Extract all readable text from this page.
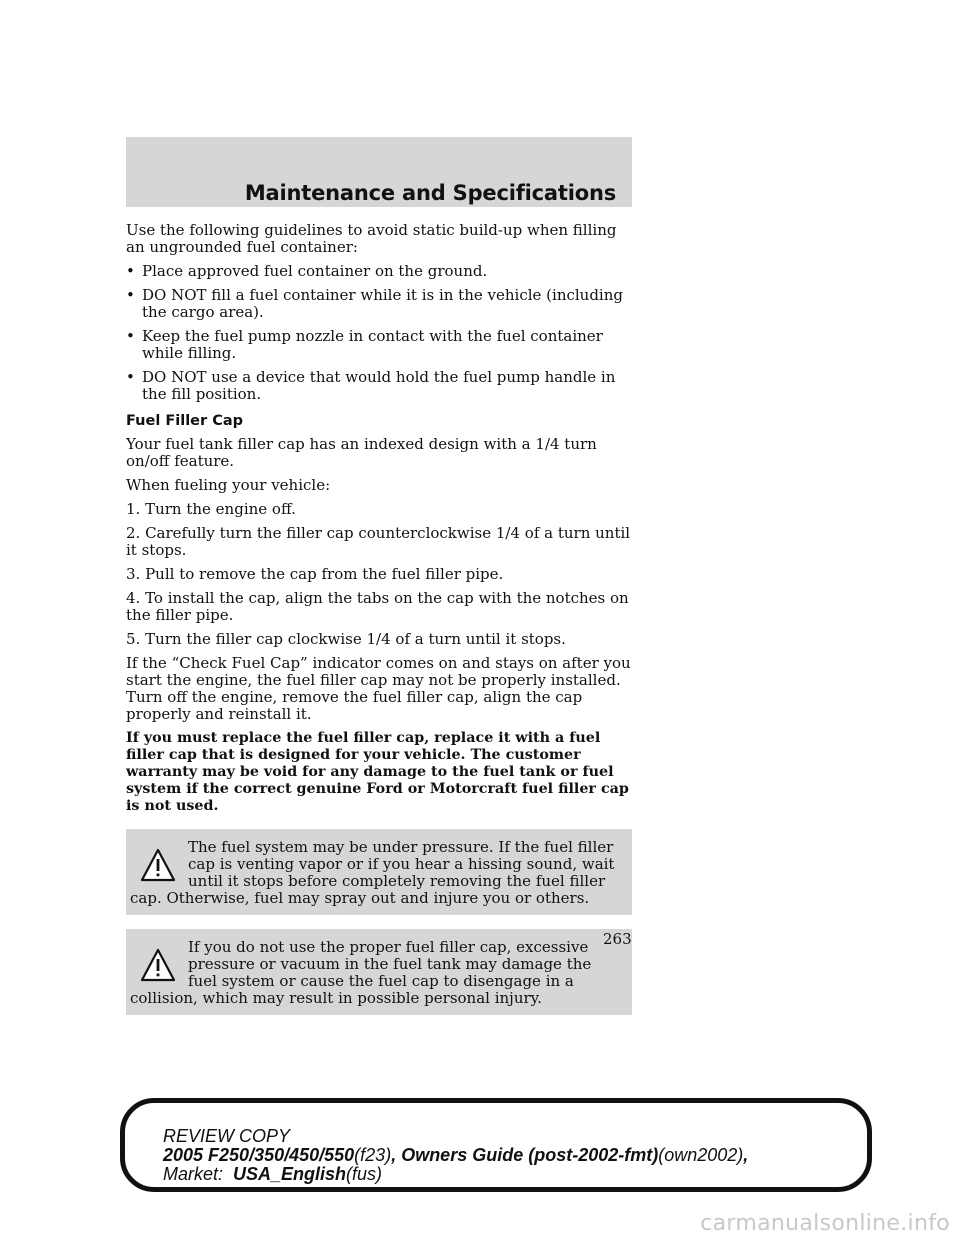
Maintenance and Specifications

Use the following guidelines to avoid static build-up when filling an ungrounded fuel container:

• Place approved fuel container on the ground.
• DO NOT fill a fuel container while it is in the vehicle (including the cargo area).
• Keep the fuel pump nozzle in contact with the fuel container while filling.
• DO NOT use a device that would hold the fuel pump handle in the fill position.

Fuel Filler Cap

Your fuel tank filler cap has an indexed design with a 1/4 turn on/off feature.

When fueling your vehicle:

1. Turn the engine off.

2. Carefully turn the filler cap counterclockwise 1/4 of a turn until it stops.

3. Pull to remove the cap from the fuel filler pipe.

4. To install the cap, align the tabs on the cap with the notches on the filler pipe.

5. Turn the filler cap clockwise 1/4 of a turn until it stops.

If the “Check Fuel Cap” indicator comes on and stays on after you start the engine, the fuel filler cap may not be properly installed. Turn off the engine, remove the fuel filler cap, align the cap properly and reinstall it.

If you must replace the fuel filler cap, replace it with a fuel filler cap that is designed for your vehicle. The customer warranty may be void for any damage to the fuel tank or fuel system if the correct genuine Ford or Motorcraft fuel filler cap is not used.

The fuel system may be under pressure. If the fuel filler cap is venting vapor or if you hear a hissing sound, wait until it stops before completely removing the fuel filler cap. Otherwise, fuel may spray out and injure you or others.

If you do not use the proper fuel filler cap, excessive pressure or vacuum in the fuel tank may damage the fuel system or cause the fuel cap to disengage in a collision, which may result in possible personal injury.

263
REVIEW COPY
2005 F250/350/450/550(f23), Owners Guide (post-2002-fmt)(own2002),
Market: USA_English(fus)
carmanualsonline.info
